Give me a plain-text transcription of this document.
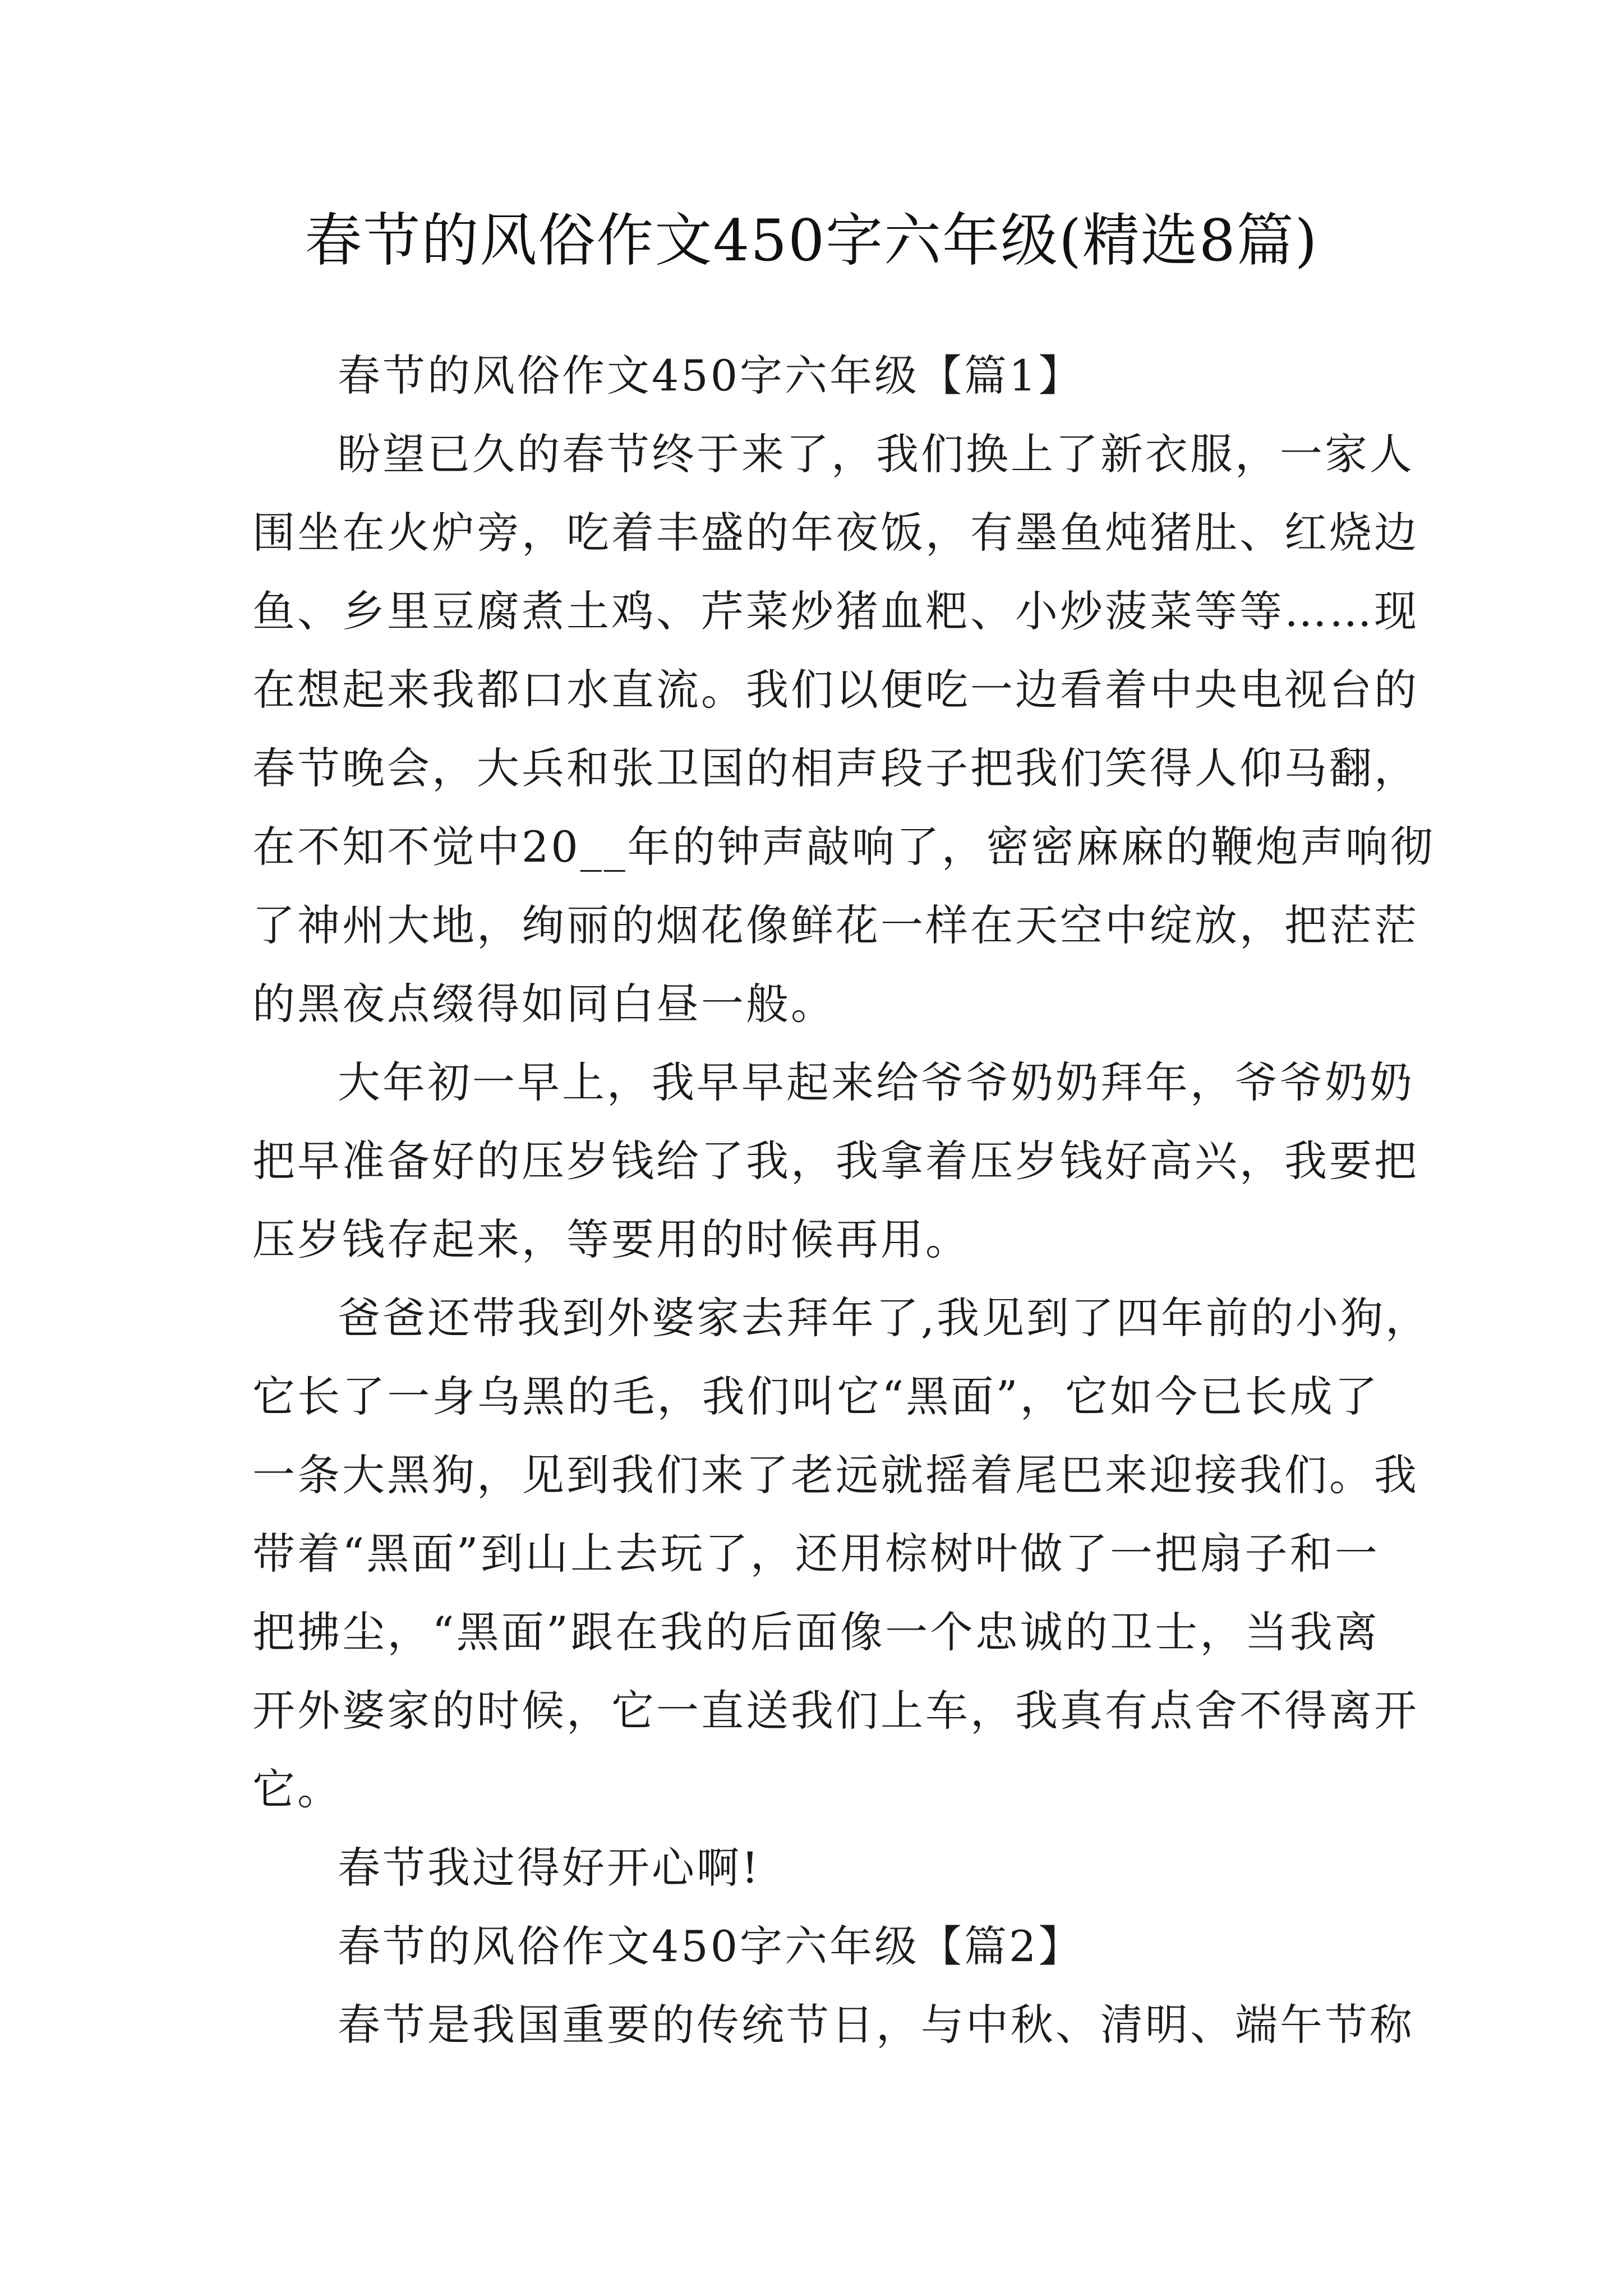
春节的风俗作文450字六年级(精选8篇)
春节的风俗作文450字六年级【篇1】
盼望已久的春节终于来了，我们换上了新衣服，一家人
围坐在火炉旁，吃着丰盛的年夜饭，有墨鱼炖猪肚、红烧边
鱼、乡里豆腐煮土鸡、芹菜炒猪血粑、小炒菠菜等等……现
在想起来我都口水直流。我们以便吃一边看着中央电视台的
春节晚会，大兵和张卫国的相声段子把我们笑得人仰马翻，
在不知不觉中20__年的钟声敲响了，密密麻麻的鞭炮声响彻
了神州大地，绚丽的烟花像鲜花一样在天空中绽放，把茫茫
的黑夜点缀得如同白昼一般。
大年初一早上，我早早起来给爷爷奶奶拜年，爷爷奶奶
把早准备好的压岁钱给了我，我拿着压岁钱好高兴，我要把
压岁钱存起来，等要用的时候再用。
爸爸还带我到外婆家去拜年了,我见到了四年前的小狗，
它长了一身乌黑的毛，我们叫它“黑面”，它如今已长成了
一条大黑狗，见到我们来了老远就摇着尾巴来迎接我们。我
带着“黑面”到山上去玩了，还用棕树叶做了一把扇子和一
把拂尘，“黑面”跟在我的后面像一个忠诚的卫士，当我离
开外婆家的时候，它一直送我们上车，我真有点舍不得离开
它。
春节我过得好开心啊!
春节的风俗作文450字六年级【篇2】
春节是我国重要的传统节日，与中秋、清明、端午节称
